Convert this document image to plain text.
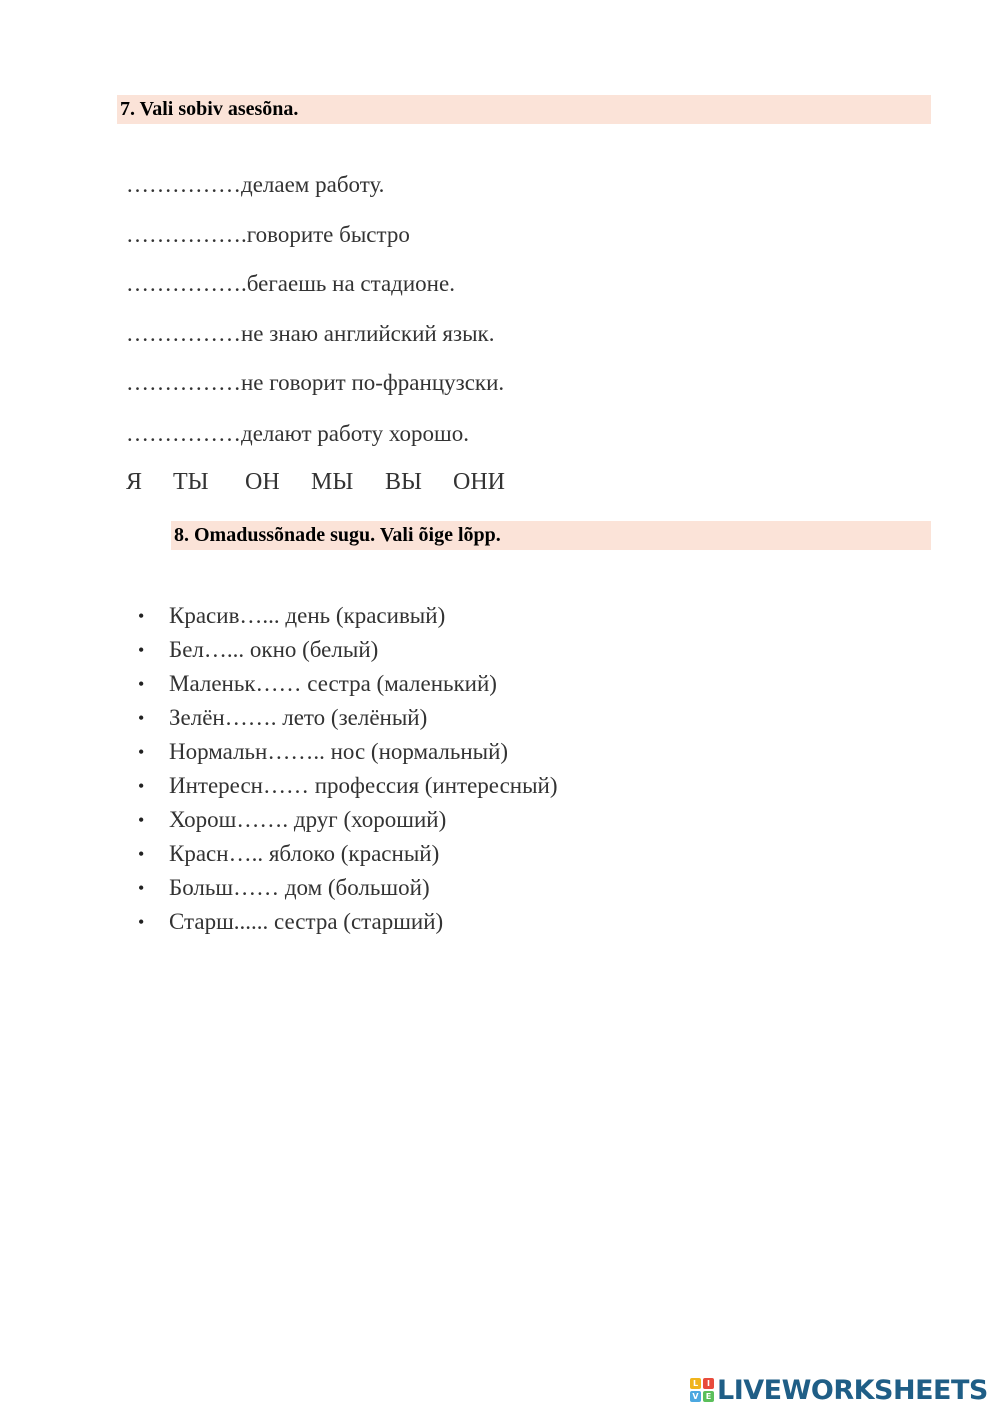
7. Vali sobiv asesõna.
……………делаем работу.
…………….говорите быстро
…………….бегаешь на стадионе.
……………не знаю английский язык.
……………не говорит по-французски.
……………делают работу хорошо.
Я ТЫ ОН МЫ ВЫ ОНИ
8. Omadussõnade sugu. Vali õige lõpp.
•	Красив…... день (красивый)
•	Бел…... окно (белый)
•	Маленьк…… сестра (маленький)
•	Зелён……. лето (зелёный)
•	Нормальн…….. нос (нормальный)
•	Интересн…… профессия (интересный)
•	Хорош……. друг (хороший)
•	Красн….. яблоко (красный)
•	Больш…… дом (большой)
•	Старш...... сестра (старший)
L	I
V E LIVEWORKSHEETS
